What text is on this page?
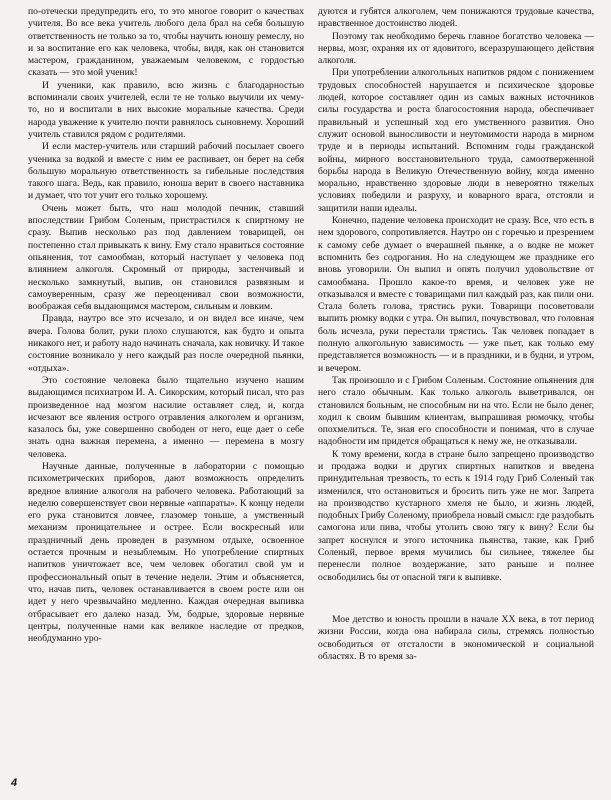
по-отечески предупредить его, то это многое говорит о качествах учителя. Во все века учитель любого дела брал на себя большую ответственность не только за то, чтобы научить юношу ремеслу, но и за воспитание его как человека, чтобы, видя, как он становится мастером, гражданином, уважаемым человеком, с гордостью сказать — это мой ученик!

И ученики, как правило, всю жизнь с благодарностью вспоминали своих учителей, если те не только выучили их чему-то, но и воспитали в них высокие моральные качества. Среди народа уважение к учителю почти равнялось сыновнему. Хороший учитель ставился рядом с родителями.

И если мастер-учитель или старший рабочий посылает своего ученика за водкой и вместе с ним ее распивает, он берет на себя большую моральную ответственность за гибельные последствия такого шага. Ведь, как правило, юноша верит в своего наставника и думает, что тот учит его только хорошему.

Очень может быть, что наш молодой печник, ставший впоследствии Грибом Соленым, пристрастился к спиртному не сразу. Выпив несколько раз под давлением товарищей, он постепенно стал привыкать к вину. Ему стало нравиться состояние опьянения, тот самообман, который наступает у человека под влиянием алкоголя. Скромный от природы, застенчивый и несколько замкнутый, выпив, он становился развязным и самоуверенным, сразу же переоценивал свои возможности, воображая себя выдающимся мастером, сильным и ловким.

Правда, наутро все это исчезало, и он видел все иначе, чем вчера. Голова болит, руки плохо слушаются, как будто и опыта никакого нет, и работу надо начинать сначала, как новичку. И такое состояние возникало у него каждый раз после очередной пьянки, «отдыха».

Это состояние человека было тщательно изучено нашим выдающимся психиатром И. А. Сикорским, который писал, что раз произведенное над мозгом насилие оставляет след, и, когда исчезают все явления острого отравления алкоголем и организм, казалось бы, уже совершенно свободен от него, еще дает о себе знать одна важная перемена, а именно — перемена в мозгу человека.

Научные данные, полученные в лаборатории с помощью психометрических приборов, дают возможность определить вредное влияние алкоголя на рабочего человека. Работающий за неделю совершенствует свои нервные «аппараты». К концу недели его рука становится ловчее, глазомер тоньше, а умственный механизм проницательнее и острее. Если воскресный или праздничный день проведен в разумном отдыхе, освоенное остается прочным и незыблемым. Но употребление спиртных напитков уничтожает все, чем человек обогатил свой ум и профессиональный опыт в течение недели. Этим и объясняется, что, начав пить, человек останавливается в своем росте или он идет у него чрезвычайно медленно. Каждая очередная выпивка отбрасывает его далеко назад. Ум, бодрые, здоровые нервные центры, полученные нами как великое наследие от предков, необдуманно уро-

дуются и губятся алкоголем, чем понижаются трудовые качества, нравственное достоинство людей.

Поэтому так необходимо беречь главное богатство человека — нервы, мозг, охраняя их от ядовитого, всеразрушающего действия алкоголя.

При употреблении алкогольных напитков рядом с понижением трудовых способностей нарушается и психическое здоровье людей, которое составляет один из самых важных источников силы государства и роста благосостояния народа, обеспечивает правильный и успешный ход его умственного развития. Оно служит основой выносливости и неутомимости народа в мирном труде и в периоды испытаний. Вспомним годы гражданской войны, мирного восстановительного труда, самоотверженной борьбы народа в Великую Отечественную войну, когда именно морально, нравственно здоровые люди в невероятно тяжелых условиях победили и разруху, и коварного врага, отстояли и защитили наши идеалы.

Конечно, падение человека происходит не сразу. Все, что есть в нем здорового, сопротивляется. Наутро он с горечью и презрением к самому себе думает о вчерашней пьянке, а о водке не может вспомнить без содрогания. Но на следующем же празднике его вновь уговорили. Он выпил и опять получил удовольствие от самообмана. Прошло какое-то время, и человек уже не отказывался и вместе с товарищами пил каждый раз, как пили они. Стала болеть голова, трястись руки. Товарищи посоветовали выпить рюмку водки с утра. Он выпил, почувствовал, что головная боль исчезла, руки перестали трястись. Так человек попадает в полную алкогольную зависимость — уже пьет, как только ему представляется возможность — и в праздники, и в будни, и утром, и вечером.

Так произошло и с Грибом Соленым. Состояние опьянения для него стало обычным. Как только алкоголь выветривался, он становился больным, не способным ни на что. Если не было денег, ходил к своим бывшим клиентам, выпрашивая рюмочку, чтобы опохмелиться. Те, зная его способности и понимая, что в случае надобности им придется обращаться к нему же, не отказывали.

К тому времени, когда в стране было запрещено производство и продажа водки и других спиртных напитков и введена принудительная трезвость, то есть к 1914 году Гриб Соленый так изменился, что остановиться и бросить пить уже не мог. Запрета на производство кустарного хмеля не было, и жизнь людей, подобных Грибу Соленому, приобрела новый смысл: где раздобыть самогона или пива, чтобы утолить свою тягу к вину? Если бы запрет коснулся и этого источника пьянства, такие, как Гриб Соленый, первое время мучились бы сильнее, тяжелее бы перенесли полное воздержание, зато раньше и полнее освободились бы от опасной тяги к выпивке.

Мое детство и юность прошли в начале XX века, в тот период жизни России, когда она набирала силы, стремясь полностью освободиться от отсталости в экономической и социальной областях. В то время за-

4
